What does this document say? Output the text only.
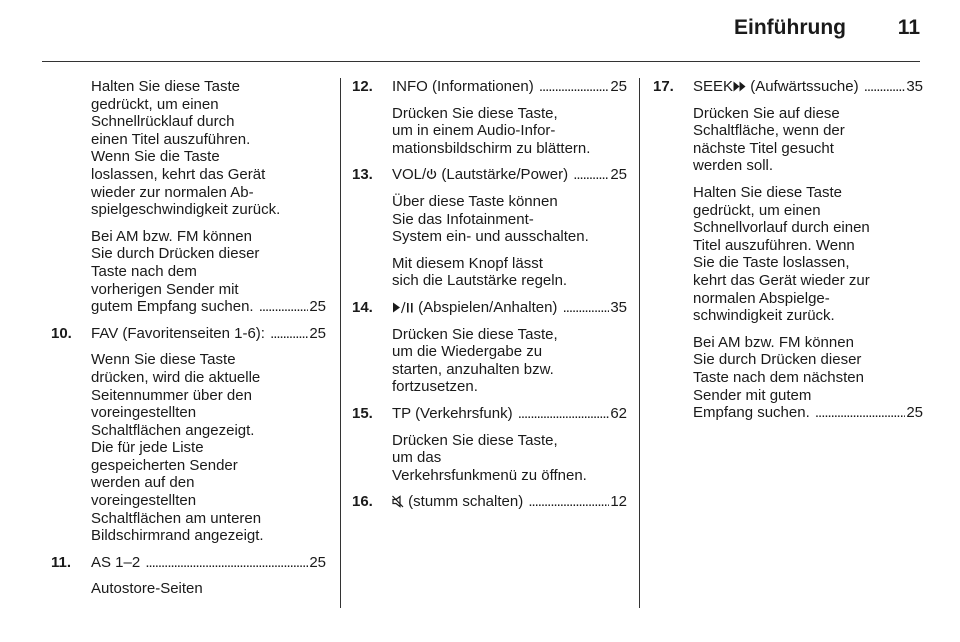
Einführung 11

Halten Sie diese Taste
gedrückt, um einen
Schnellrücklauf durch
einen Titel auszuführen.
Wenn Sie die Taste
loslassen, kehrt das Gerät
wieder zur normalen Ab-
spielgeschwindigkeit zurück.

Bei AM bzw. FM können
Sie durch Drücken dieser
Taste nach dem
vorherigen Sender mit

gutem Empfang suchen. . . .	25
10.	FAV (Favoritenseiten 1-6): . . .	25

Wenn Sie diese Taste
drücken, wird die aktuelle
Seitennummer über den
voreingestellten
Schaltflächen angezeigt.
Die für jede Liste
gespeicherten Sender
werden auf den
voreingestellten
Schaltflächen am unteren
Bildschirmrand angezeigt.

11.	AS 1–2 . . .	25

Autostore-Seiten

12.	INFO (Informationen) . . .	25

Drücken Sie diese Taste,
um in einem Audio-Infor-
mationsbildschirm zu blättern.

13.	VOL/ (Lautstärke/Power) . . .	25

Über diese Taste können
Sie das Infotainment-
System ein- und ausschalten.

Mit diesem Knopf lässt
sich die Lautstärke regeln.

14.	(Abspielen/Anhalten) . . .	35

Drücken Sie diese Taste,
um die Wiedergabe zu
starten, anzuhalten bzw.
fortzusetzen.

15.	TP (Verkehrsfunk) . . .	62

Drücken Sie diese Taste,
um das
Verkehrsfunkmenü zu öffnen.

16.	(stumm schalten) . . .	12
17.	SEEK (Aufwärtssuche) . . .	35

Drücken Sie auf diese
Schaltfläche, wenn der
nächste Titel gesucht
werden soll.

Halten Sie diese Taste
gedrückt, um einen
Schnellvorlauf durch einen
Titel auszuführen. Wenn
Sie die Taste loslassen,
kehrt das Gerät wieder zur
normalen Abspielge-
schwindigkeit zurück.

Bei AM bzw. FM können
Sie durch Drücken dieser
Taste nach dem nächsten
Sender mit gutem

Empfang suchen. . . .	25
